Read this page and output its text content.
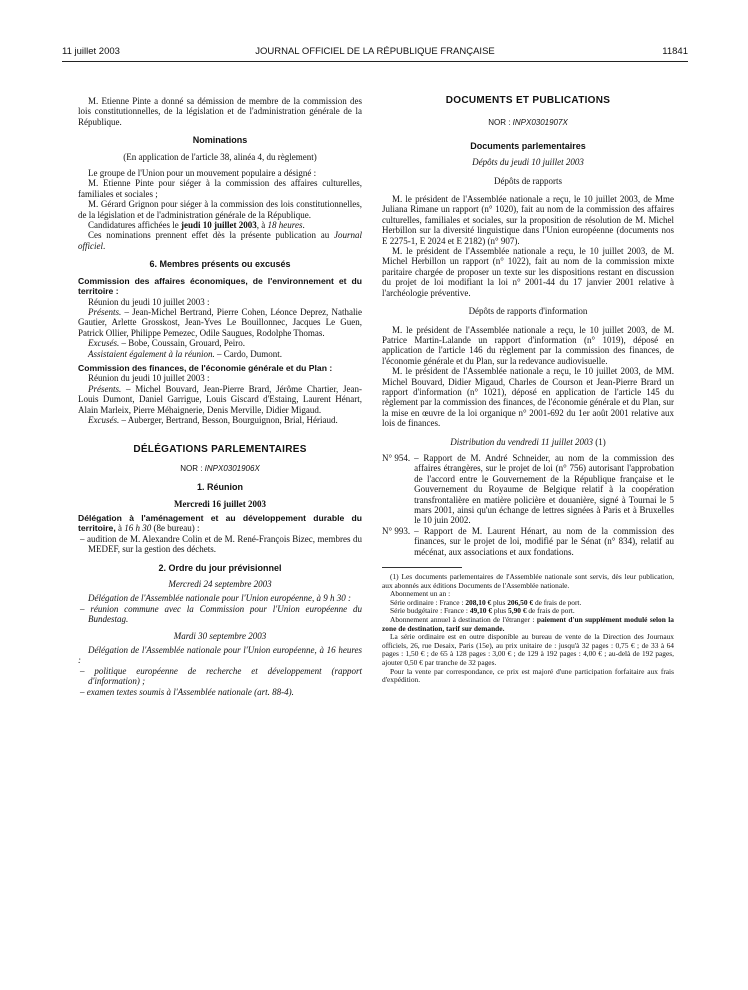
11 juillet 2003	JOURNAL OFFICIEL DE LA RÉPUBLIQUE FRANÇAISE	11841

M. Etienne Pinte a donné sa démission de membre de la commission des lois constitutionnelles, de la législation et de l'administration générale de la République.

Nominations

(En application de l'article 38, alinéa 4, du règlement)

Le groupe de l'Union pour un mouvement populaire a désigné :

M. Etienne Pinte pour siéger à la commission des affaires culturelles, familiales et sociales ;

M. Gérard Grignon pour siéger à la commission des lois constitutionnelles, de la législation et de l'administration générale de la République.

Candidatures affichées le jeudi 10 juillet 2003, à 18 heures.

Ces nominations prennent effet dès la présente publication au Journal officiel.

6. Membres présents ou excusés
Commission des affaires économiques, de l'environnement et du territoire :

Réunion du jeudi 10 juillet 2003 :

Présents. – Jean-Michel Bertrand, Pierre Cohen, Léonce Deprez, Nathalie Gautier, Arlette Grosskost, Jean-Yves Le Bouillonnec, Jacques Le Guen, Patrick Ollier, Philippe Pemezec, Odile Saugues, Rodolphe Thomas.

Excusés. – Bobe, Coussain, Grouard, Peiro.

Assistaient également à la réunion. – Cardo, Dumont.

Commission des finances, de l'économie générale et du Plan :

Réunion du jeudi 10 juillet 2003 :

Présents. – Michel Bouvard, Jean-Pierre Brard, Jérôme Chartier, Jean-Louis Dumont, Daniel Garrigue, Louis Giscard d'Estaing, Laurent Hénart, Alain Marleix, Pierre Méhaignerie, Denis Merville, Didier Migaud.

Excusés. – Auberger, Bertrand, Besson, Bourguignon, Brial, Hériaud.

DÉLÉGATIONS PARLEMENTAIRES
NOR : INPX0301906X
1. Réunion
Mercredi 16 juillet 2003

Délégation à l'aménagement et au développement durable du territoire, à 16 h 30 (8e bureau) :

– audition de M. Alexandre Colin et de M. René-François Bizec, membres du MEDEF, sur la gestion des déchets.

2. Ordre du jour prévisionnel
Mercredi 24 septembre 2003

Délégation de l'Assemblée nationale pour l'Union européenne, à 9 h 30 :

– réunion commune avec la Commission pour l'Union européenne du Bundestag.

Mardi 30 septembre 2003

Délégation de l'Assemblée nationale pour l'Union européenne, à 16 heures :

– politique européenne de recherche et développement (rapport d'information) ;

– examen textes soumis à l'Assemblée nationale (art. 88-4).

DOCUMENTS ET PUBLICATIONS
NOR : INPX0301907X
Documents parlementaires
Dépôts du jeudi 10 juillet 2003
Dépôts de rapports

M. le président de l'Assemblée nationale a reçu, le 10 juillet 2003, de Mme Juliana Rimane un rapport (n° 1020), fait au nom de la commission des affaires culturelles, familiales et sociales, sur la proposition de résolution de M. Michel Herbillon sur la diversité linguistique dans l'Union européenne (documents nos E 2275-1, E 2024 et E 2182) (n° 907).

M. le président de l'Assemblée nationale a reçu, le 10 juillet 2003, de M. Michel Herbillon un rapport (n° 1022), fait au nom de la commission mixte paritaire chargée de proposer un texte sur les dispositions restant en discussion du projet de loi modifiant la loi n° 2001-44 du 17 janvier 2001 relative à l'archéologie préventive.

Dépôts de rapports d'information

M. le président de l'Assemblée nationale a reçu, le 10 juillet 2003, de M. Patrice Martin-Lalande un rapport d'information (n° 1019), déposé en application de l'article 146 du règlement par la commission des finances, de l'économie générale et du Plan, sur la redevance audiovisuelle.

M. le président de l'Assemblée nationale a reçu, le 10 juillet 2003, de MM. Michel Bouvard, Didier Migaud, Charles de Courson et Jean-Pierre Brard un rapport d'information (n° 1021), déposé en application de l'article 145 du règlement par la commission des finances, de l'économie générale et du Plan, sur la mise en œuvre de la loi organique n° 2001-692 du 1er août 2001 relative aux lois de finances.

Distribution du vendredi 11 juillet 2003 (1)
N° 954. – Rapport de M. André Schneider, au nom de la commission des affaires étrangères, sur le projet de loi (n° 756) autorisant l'approbation de l'accord entre le Gouvernement de la République française et le Gouvernement du Royaume de Belgique relatif à la coopération transfrontalière en matière policière et douanière, signé à Tournai le 5 mars 2001, ainsi qu'un échange de lettres signées à Paris et à Bruxelles le 10 juin 2002.
N° 993. – Rapport de M. Laurent Hénart, au nom de la commission des finances, sur le projet de loi, modifié par le Sénat (n° 834), relatif au mécénat, aux associations et aux fondations.

(1) Les documents parlementaires de l'Assemblée nationale sont servis, dès leur publication, aux abonnés aux éditions Documents de l'Assemblée nationale.

Abonnement un an :

Série ordinaire : France : 208,10 € plus 206,50 € de frais de port.

Série budgétaire : France : 49,10 € plus 5,90 € de frais de port.

Abonnement annuel à destination de l'étranger : paiement d'un supplément modulé selon la zone de destination, tarif sur demande.

La série ordinaire est en outre disponible au bureau de vente de la Direction des Journaux officiels, 26, rue Desaix, Paris (15e), au prix unitaire de : jusqu'à 32 pages : 0,75 € ; de 33 à 64 pages : 1,50 € ; de 65 à 128 pages : 3,00 € ; de 129 à 192 pages : 4,00 € ; au-delà de 192 pages, ajouter 0,50 € par tranche de 32 pages.

Pour la vente par correspondance, ce prix est majoré d'une participation forfaitaire aux frais d'expédition.
